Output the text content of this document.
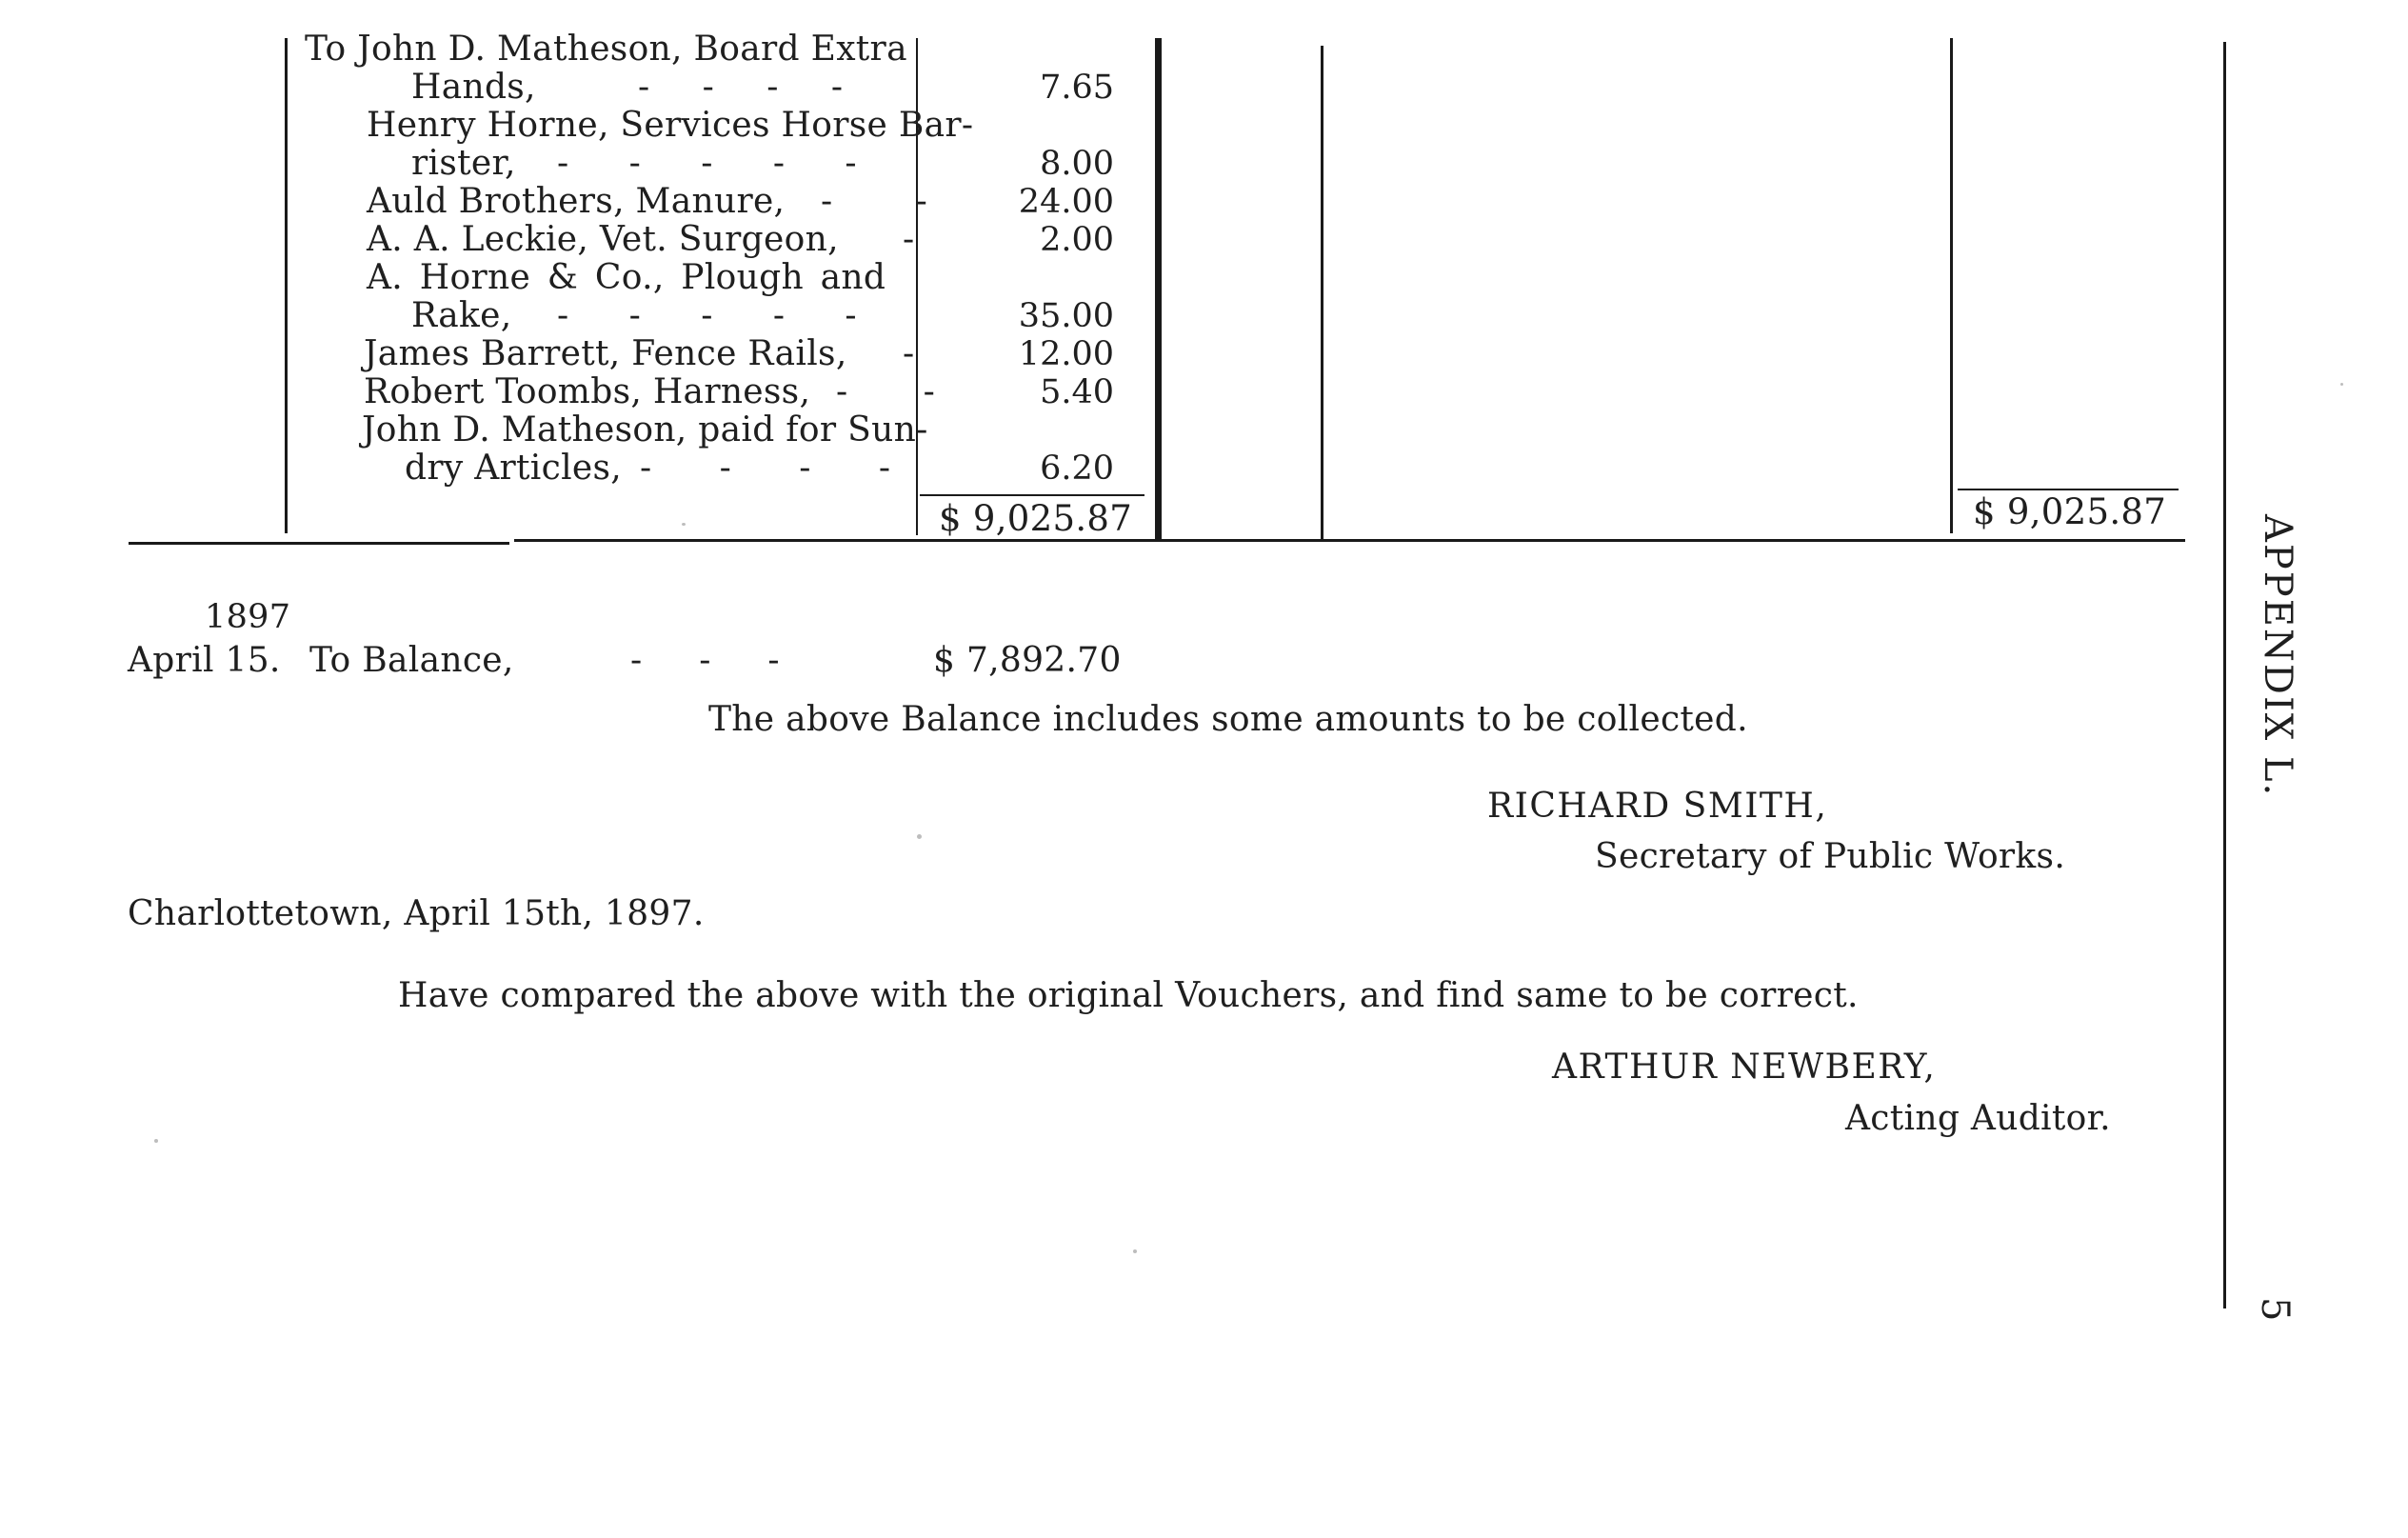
To John D. Matheson, Board Extra
Hands,	- - - -	7.65
Henry Horne, Services Horse Bar-
rister, - - - - -	8.00
Auld Brothers, Manure, - -	24.00
A. A. Leckie, Vet. Surgeon, -	2.00
A. Horne & Co., Plough and
Rake, - - - - -	35.00
James Barrett, Fence Rails, -	12.00
Robert Toombs, Harness, - -	5.40
John D. Matheson, paid for Sun-
dry Articles, - - - -	6.20
$ 9,025.87	$ 9,025.87
1897
April 15. To Balance,	- - -	$ 7,892.70
The above Balance includes some amounts to be collected.
RICHARD SMITH,
Secretary of Public Works.
Charlottetown, April 15th, 1897.
Have compared the above with the original Vouchers, and find same to be correct.
ARTHUR NEWBERY,
Acting Auditor.
APPENDIX L.
5
